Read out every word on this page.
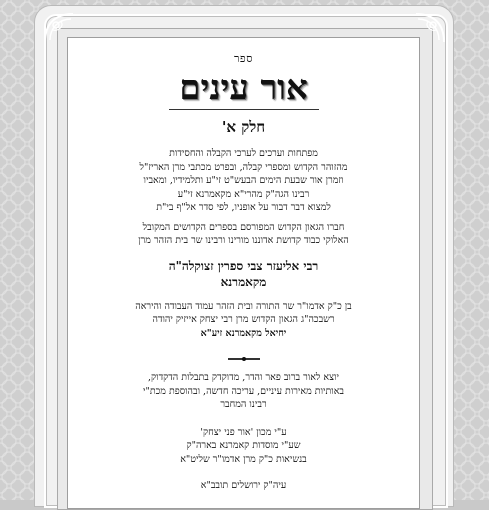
ספר
אור עינים
חלק א'
מפתחות וערכים לערכי הקבלה והחסידות
מהזוהר הקדוש ומספרי קבלה, ובפרט מכתבי מרן האריז"ל
וזמרן אור שבעת הימים הבעש"ט זי"ע ותלמידיו, ומאביו
רבינו הגה"ק מהרי"א מקאמרנא זי"ע
למצוא דבר דבור על אופניו, לפי סדר אל"ף בי"ת
חברו הגאון הקדוש המפורסם בספרים הקדושים המקובל
האלוקי כבוד קדושת אדוננו מורינו ורבינו שר בית הזהר מרן
רבי אליעזר צבי ספרין זצוקלה"ה
מקאמרנא
בן כ"ק אדמו"ר שר התורה ובית הזהר עמוד העבודה והיראה
רשבכה"ג הגאון הקדוש מרן רבי יצחק אייזיק יהודה
יחיאל מקאמרנא זיע"א
יוצא לאור ברוב פאר והדר, מדוקדק בתבלות הדקדוק,
באותיות מאירות עיניים, עריכה חדשה, ובהוספת מכת"י
רבינו המחבר
ע"י מכון 'אור פני יצחק'
שע"י מוסדות קאמרנא בארה"ק
בנשיאות כ"ק מרן אדמו"ר שליט"א
עיה"ק ירושלים תובב"א
